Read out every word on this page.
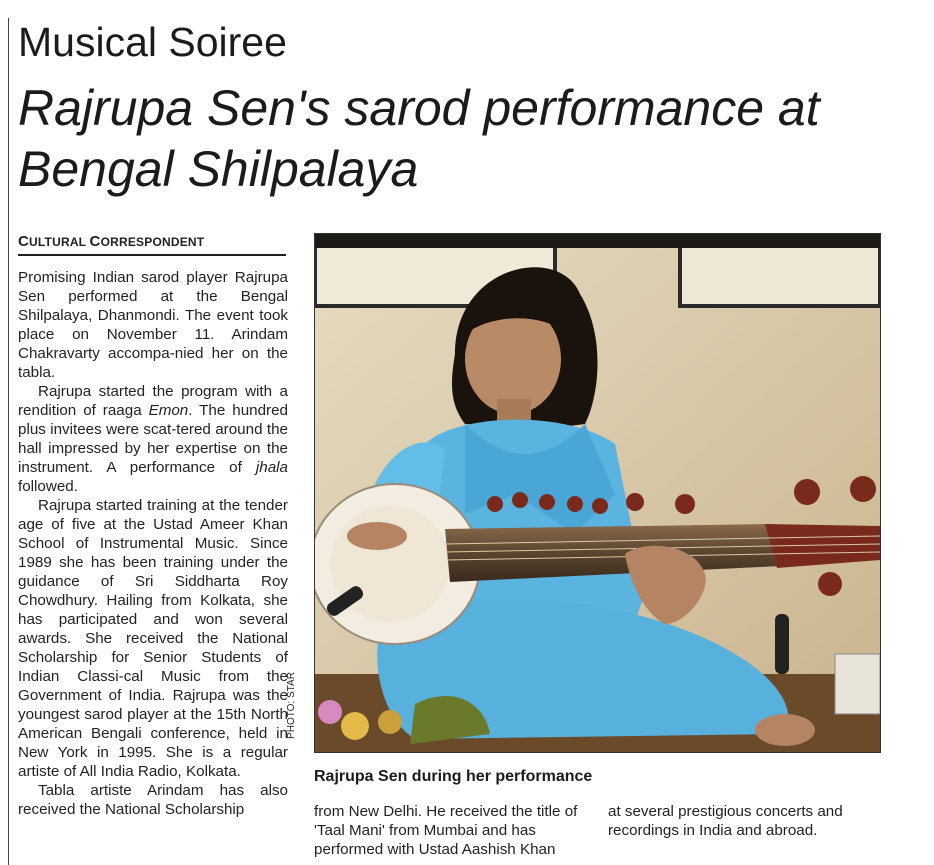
Musical Soiree
Rajrupa Sen's sarod performance at Bengal Shilpalaya
CULTURAL CORRESPONDENT

Promising Indian sarod player Rajrupa Sen performed at the Bengal Shilpalaya, Dhanmondi. The event took place on November 11. Arindam Chakravarty accompa-nied her on the tabla.

Rajrupa started the program with a rendition of raaga Emon. The hundred plus invitees were scat-tered around the hall impressed by her expertise on the instrument. A performance of jhala followed.

Rajrupa started training at the tender age of five at the Ustad Ameer Khan School of Instrumental Music. Since 1989 she has been training under the guidance of Sri Siddharta Roy Chowdhury. Hailing from Kolkata, she has participated and won several awards. She received the National Scholarship for Senior Students of Indian Classi-cal Music from the Government of India. Rajrupa was the youngest sarod player at the 15th North American Bengali conference, held in New York in 1995. She is a regular artiste of All India Radio, Kolkata.

Tabla artiste Arindam has also received the National Scholarship

PHOTO: STAR
Rajrupa Sen during her performance

from New Delhi. He received the title of 'Taal Mani' from Mumbai and has performed with Ustad Aashish Khan

at several prestigious concerts and recordings in India and abroad.
